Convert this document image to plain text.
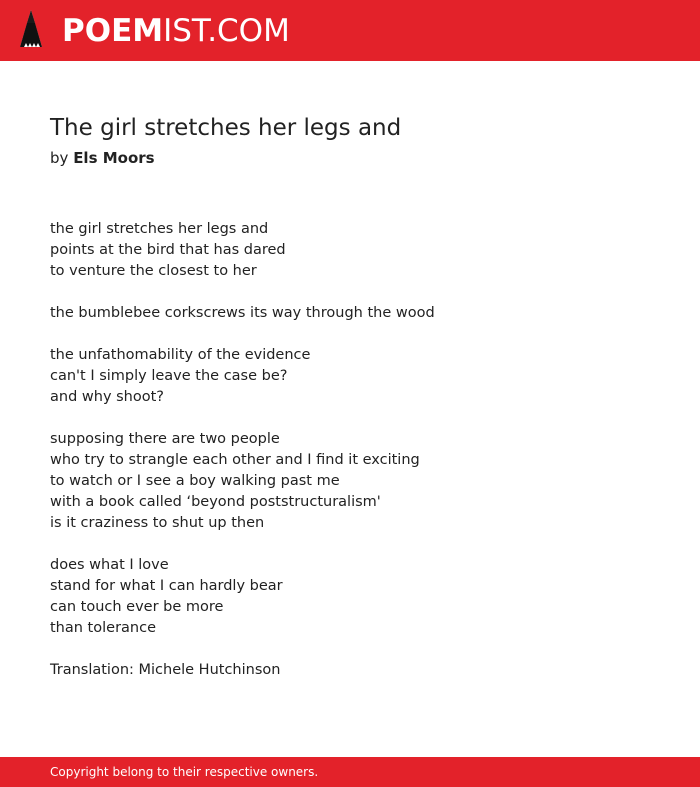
POEMIST.COM
The girl stretches her legs and
by Els Moors
the girl stretches her legs and
points at the bird that has dared
to venture the closest to her
the bumblebee corkscrews its way through the wood
the unfathomability of the evidence
can't I simply leave the case be?
and why shoot?
supposing there are two people
who try to strangle each other and I find it exciting
to watch or I see a boy walking past me
with a book called ‘beyond poststructuralism'
is it craziness to shut up then
does what I love
stand for what I can hardly bear
can touch ever be more
than tolerance
Translation: Michele Hutchinson
Copyright belong to their respective owners.
